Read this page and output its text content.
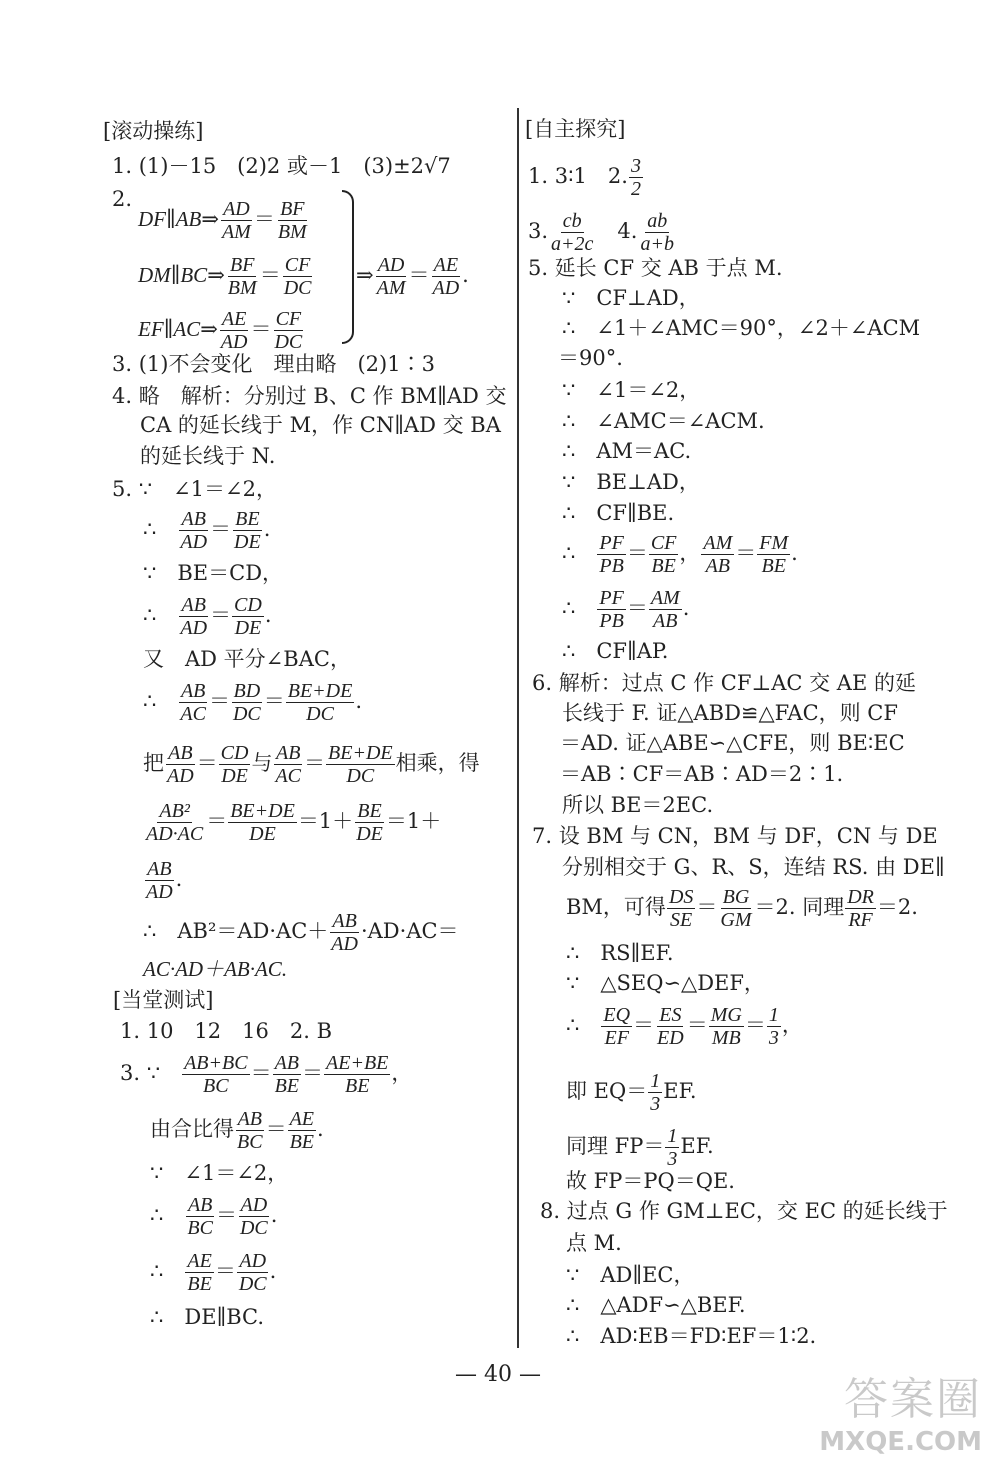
[滚动操练]
1. (1)－15　(2)2 或－1　(3)±2√7
2.
DF∥AB⇒ $\frac{AD}{AM} = \frac{BF}{BM}$
DM∥BC⇒ $\frac{BF}{BM} = \frac{CF}{DC}$
EF∥AC⇒ $\frac{AE}{AD} = \frac{CF}{DC}$
⇒ $\frac{AD}{AM} = \frac{AE}{AD}$ .
3. (1)不会变化　理由略　(2)1∶3
4. 略　解析：分别过 B、C 作 BM∥AD 交
CA 的延长线于 M，作 CN∥AD 交 BA
的延长线于 N.
5. ∵　∠1＝∠2，
∴　 $\frac{AB}{AD} = \frac{BE}{DE}$ .
∵　BE＝CD，
∴　 $\frac{AB}{AD} = \frac{CD}{DE}$ .
又　AD 平分∠BAC，
∴　 $\frac{AB}{AC} = \frac{BD}{DC} = \frac{BE+DE}{DC}$ .
把 $\frac{AB}{AD} = \frac{CD}{DE}$ 与 $\frac{AB}{AC} = \frac{BE+DE}{DC}$ 相乘，得
$\frac{\text{AB²}}{AD\cdot AC} = \frac{BE+DE}{DE} =1+ \frac{BE}{DE} =1+$
$\frac{AB}{AD}$ .
∴　$AB^2=AD\cdot AC+ \frac{AB}{AD} \cdot AD\cdot AC=$
AC·AD＋AB·AC.
[当堂测试]
1. 10　12　16　2. B
3. ∵　 $\frac{AB+BC}{BC} = \frac{AB}{BE} = \frac{AE+BE}{BE}$ ，
由合比得 $\frac{AB}{BC} = \frac{AE}{BE}$ .
∵　∠1＝∠2，
∴　 $\frac{AB}{BC} = \frac{AD}{DC}$ .
∴　 $\frac{AE}{BE} = \frac{AD}{DC}$ .
∴　DE∥BC.
[自主探究]
1. 3∶1　2. $\frac{3}{2}$
3. $\frac{cb}{a+2c}$
　 4. $\frac{ab}{a+b}$
5. 延长 CF 交 AB 于点 M.
∵　CF⊥AD，
∴　∠1＋∠AMC＝90°，∠2＋∠ACM
＝90°.
∵　∠1＝∠2，
∴　∠AMC＝∠ACM.
∴　AM＝AC.
∵　BE⊥AD，
∴　CF∥BE.
∴　 $\frac{PF}{PB} = \frac{CF}{BE}$ ， $\frac{AM}{AB} = \frac{FM}{BE}$ .
∴　 $\frac{PF}{PB} = \frac{AM}{AB}$ .
∴　CF∥AP.
6. 解析：过点 C 作 CF⊥AC 交 AE 的延
长线于 F. 证△ABD≌△FAC，则 CF
＝AD. 证△ABE∽△CFE，则 BE∶EC
＝AB∶CF＝AB∶AD＝2∶1.
所以 BE＝2EC.
7. 设 BM 与 CN，BM 与 DF，CN 与 DE
分别相交于 G、R、S，连结 RS. 由 DE∥
BM，可得 $\frac{DS}{SE} = \frac{BG}{GM} =2$. 同理 $\frac{DR}{RF} =2$.
∴　RS∥EF.
∵　△SEQ∽△DEF，
∴　 $\frac{EQ}{EF} = \frac{ES}{ED} = \frac{MG}{MB} = \frac{1}{3}$ ，
即 $EQ= \frac{1}{3}$ EF.
同理 $FP= \frac{1}{3}$ EF.
故 FP＝PQ＝QE.
8. 过点 G 作 GM⊥EC，交 EC 的延长线于
点 M.
∵　AD∥EC，
∴　△ADF∽△BEF.
∴　AD∶EB＝FD∶EF＝1∶2.
— 40 —	答案圈
MXQE.COM
